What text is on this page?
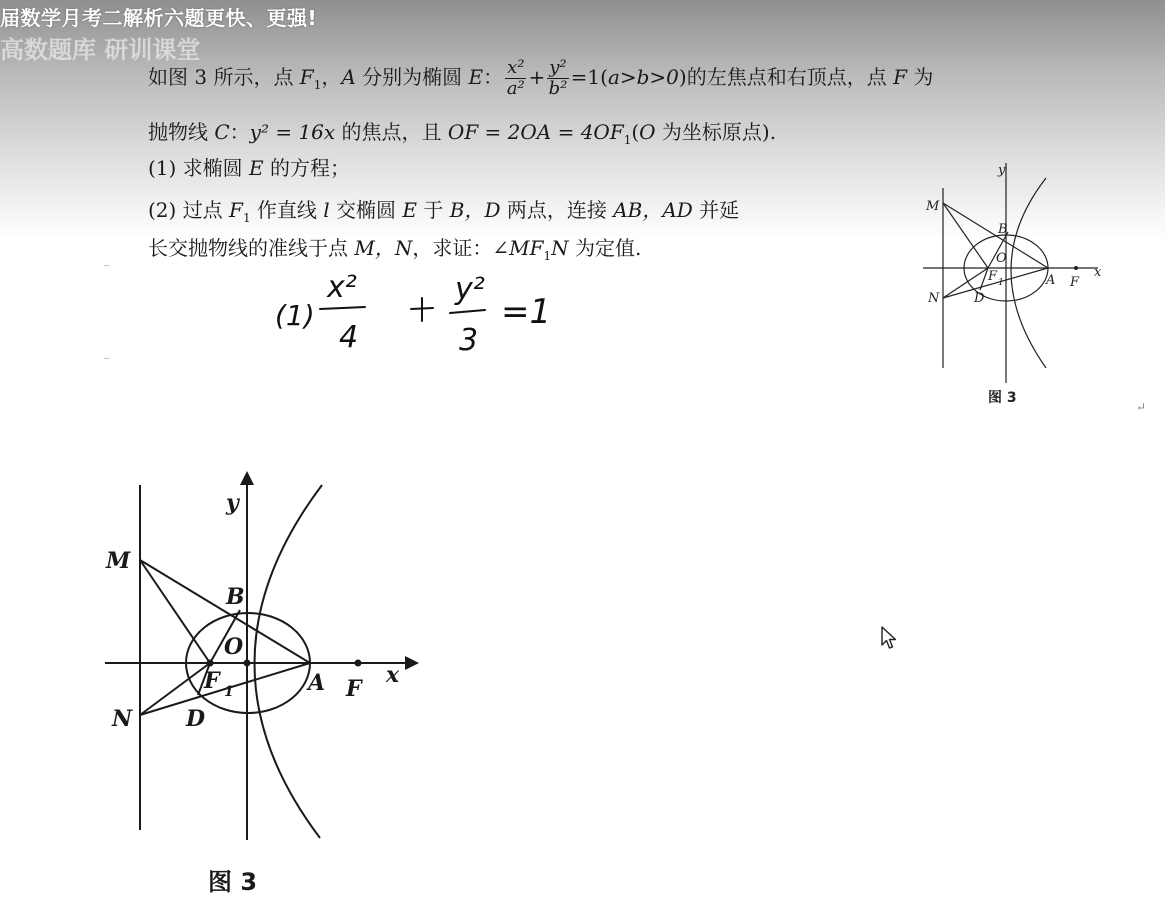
届数学月考二解析六题更快、更强!
高数题库 研训课堂
如图 3 所示，点 $F_1$，A 分别为椭圆 E： $\frac{\text{x²}}{\text{a²}} + \frac{\text{y²}}{\text{b²}} =1(a>b>0)$的左焦点和右顶点，点 F 为
抛物线 C：y² = 16x 的焦点，且 OF = $2OA = 4OF_1(O$ 为坐标原点).
(1) 求椭圆 E 的方程；
(2) 过点 $F_1$ 作直线 l 交椭圆 E 于 B，D 两点，连接 AB，AD 并延
长交抛物线的准线于点 M，N，求证：$\angle MF_1N$ 为定值.
(1)
x²
4
y²
3
=1
M
N
B
D
O
F 1	A F
x
y
图 3
M
N
B
D
O
F 1	A F
x
y
图 3
↵
